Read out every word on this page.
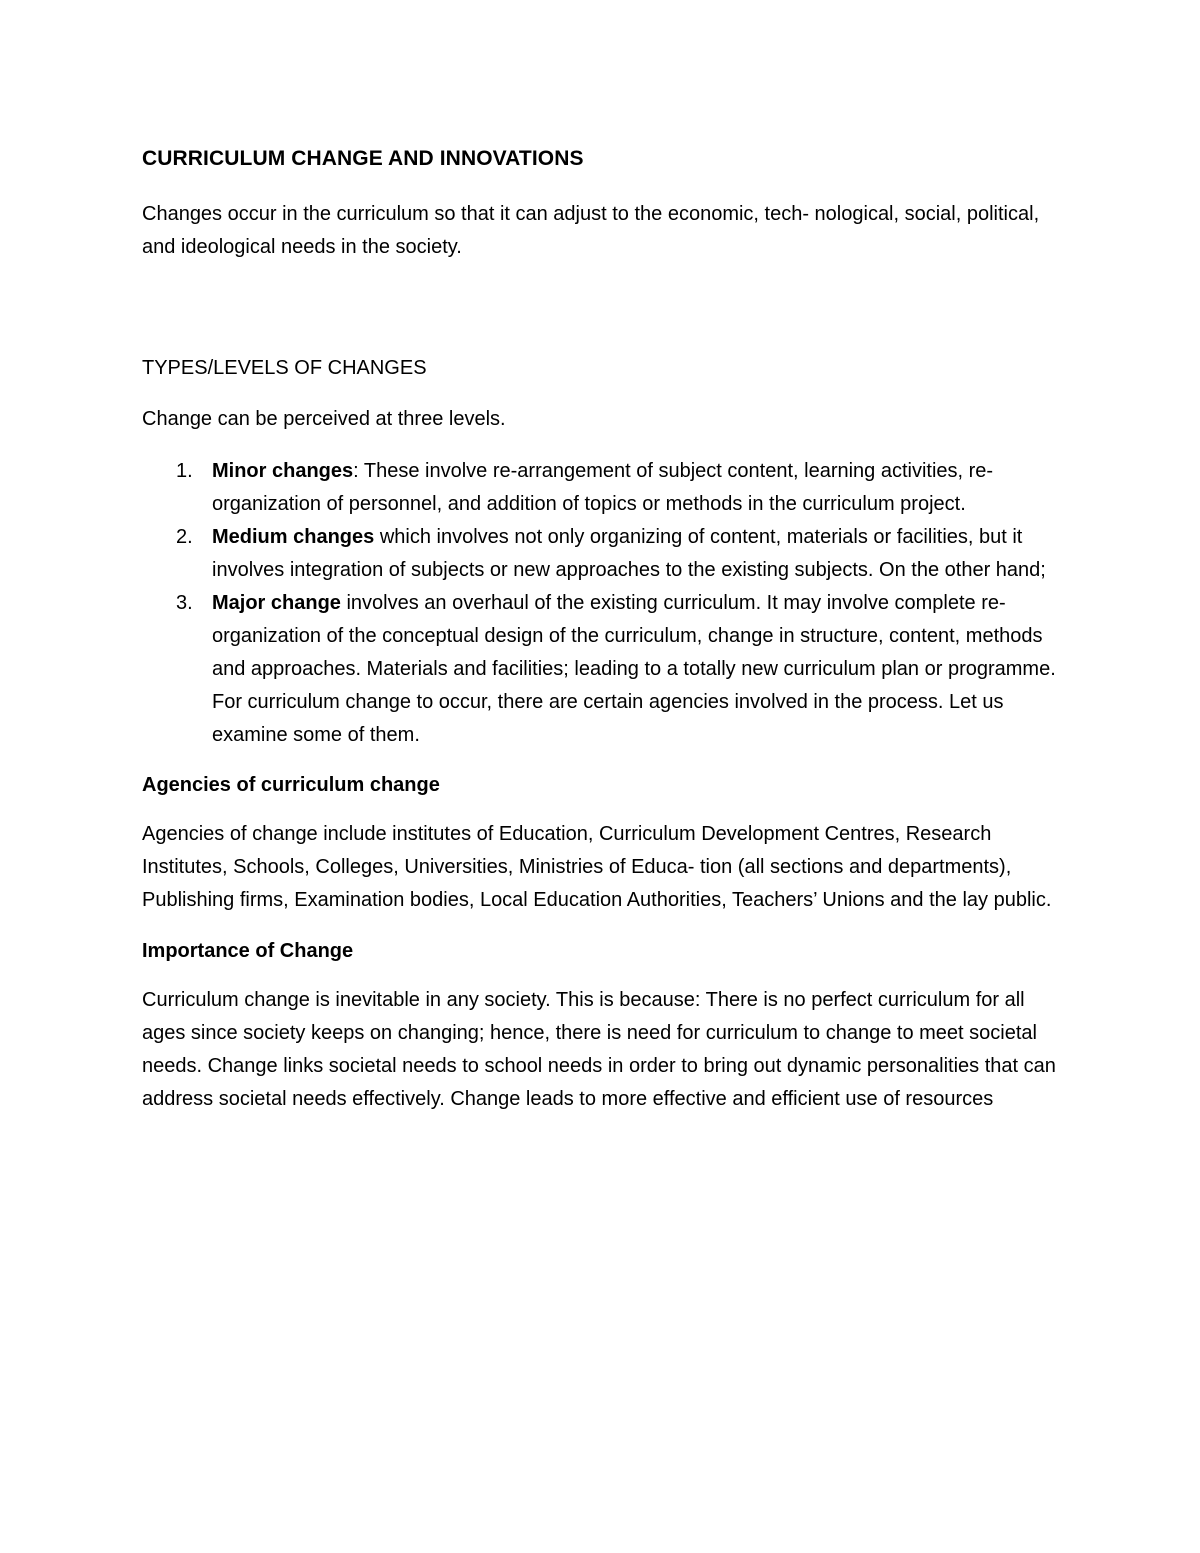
CURRICULUM CHANGE AND INNOVATIONS

Changes occur in the curriculum so that it can adjust to the economic, tech- nological, social, political, and ideological needs in the society.

TYPES/LEVELS OF CHANGES

Change can be perceived at three levels.

1. Minor changes: These involve re-arrangement of subject content, learning activities, re-organization of personnel, and addition of topics or methods in the curriculum project.
2. Medium changes which involves not only organizing of content, materials or facilities, but it involves integration of subjects or new approaches to the existing subjects. On the other hand;
3. Major change involves an overhaul of the existing curriculum. It may involve complete re-organization of the conceptual design of the curriculum, change in structure, content, methods and approaches. Materials and facilities; leading to a totally new curriculum plan or programme. For curriculum change to occur, there are certain agencies involved in the process. Let us examine some of them.
Agencies of curriculum change

Agencies of change include institutes of Education, Curriculum Development Centres, Research Institutes, Schools, Colleges, Universities, Ministries of Educa- tion (all sections and departments), Publishing firms, Examination bodies, Local Education Authorities, Teachers’ Unions and the lay public.

Importance of Change

Curriculum change is inevitable in any society. This is because: There is no perfect curriculum for all ages since society keeps on changing; hence, there is need for curriculum to change to meet societal needs. Change links societal needs to school needs in order to bring out dynamic personalities that can address societal needs effectively. Change leads to more effective and efficient use of resources
